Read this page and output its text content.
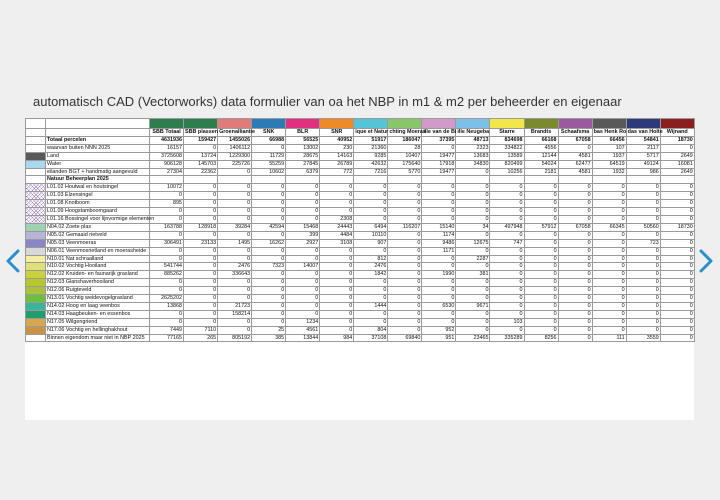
automatisch CAD (Vectorworks) data formulier van oa het NBP in m1 & m2 per beheerder en eigenaar

		SBB Totaal	SBB plassen	Groenalliantie	SNK	BLR	SNR	ique et Natur	chting Moeras	ille van de Bi	ille Neugeba	Starre	Brandts	Schaafsma	bas Henk Ro	das van Holte	Wijnand
	Totaal percelen	4631936	159427	1455026	66988	56525	40952	51917	186047	37395	48713	834698	66168	67058	66456	54841	18730
	waarvan buiten NNN 2025	16157	0	1406112	0	13002	230	21360	28	0	2323	334822	4556	0	107	2117	0
	Land	3725608	13724	1229300	11729	28675	14163	9285	10407	19477	13683	13589	12144	4581	1937	5717	2649
	Water	906128	145703	225726	55259	27845	26789	42632	175640	17918	34830	820499	54024	62477	64519	49124	16081
	eilanden BGT + handmatig aangevuld	27304	22362	0	10602	6379	772	7216	5770	19477	0	10256	2181	4581	1932	986	2649
	Natuur Beheerplan 2025																
	L01.02 Houtwal en houtsingel	10072	0	0	0	0	0	0	0	0	0	0	0	0	0	0	0
	L01.03 Elzensingel	0	0	0	0	0	0	0	0	0	0	0	0	0	0	0	0
	L01.08 Knotboom	895	0	0	0	0	0	0	0	0	0	0	0	0	0	0	0
	L01.09 Hoogstamboomgaard	0	0	0	0	0	0	0	0	0	0	0	0	0	0	0	0
	L01.16 Bossingel voor lijnvormige elementen	0	0	0	0	0	2308	0	0	0	0	0	0	0	0	0	0
	N04.02 Zoete plas	163788	128918	39284	42594	15468	24443	6494	116207	15140	34	497948	57912	67058	66345	50560	18730
	N05.02 Gemaaid rietveld	0	0	0	0	399	4484	10110	0	1174	0	0	0	0	0	0	0
	N05.03 Veenmoeras	306491	23133	1495	16262	2927	3108	907	0	9486	12675	747	0	0	0	723	0
	N06.01 Veenmosrietland en moerasheide	0	0	0	0	0	0	0	0	1171	0	0	0	0	0	0	0
	N10.01 Nat schraalland	0	0	0	0	0	0	812	0	0	2287	0	0	0	0	0	0
	N10.02 Vochtig Hooiland	541744	0	2476	7323	14007	0	2476	0	0	0	0	0	0	0	0	0
	N12.02 Kruiden- en faunarijk grasland	885262	0	336643	0	0	0	1842	0	1990	381	0	0	0	0	0	0
	N12.03 Glanshaverhooiland	0	0	0	0	0	0	0	0	0	0	0	0	0	0	0	0
	N12.06 Ruigteveld	0	0	0	0	0	0	0	0	0	0	0	0	0	0	0	0
	N13.01 Vochtig weidevogelgrasland	2625202	0	0	0	0	0	0	0	0	0	0	0	0	0	0	0
	N14.02 Hoog en laag veenbos	13868	0	21723	0	0	0	1444	0	6530	9671	0	0	0	0	0	0
	N14.03 Haagbeuken- en essenbos	0	0	158214	0	0	0	0	0	0	0	0	0	0	0	0	0
	N17.05 Wilgengriend	0	0	0	0	1234	0	0	0	0	0	103	0	0	0	0	0
	N17.06 Vochtig en hellinghakhout	7449	7110	0	25	4561	0	804	0	952	0	0	0	0	0	0	0
	Binnen eigendom maar niet in NBP 2025	77165	265	805192	385	13844	984	37108	69840	951	23465	335289	8256	0	111	3559	0
